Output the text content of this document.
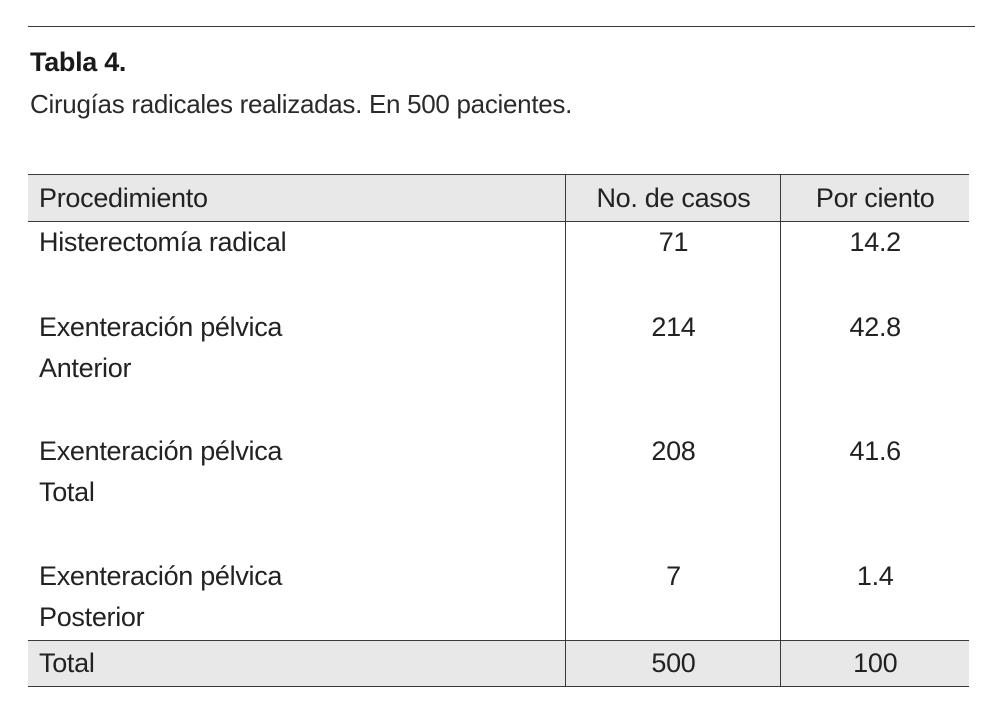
Tabla 4.
Cirugías radicales realizadas. En 500 pacientes.
Procedimiento	No. de casos	Por ciento

Histerectomía radical	71	14.2

Exenteración pélvica
Anterior	214	42.8

Exenteración pélvica
Total	208	41.6

Exenteración pélvica
Posterior	7	1.4
Total	500	100
